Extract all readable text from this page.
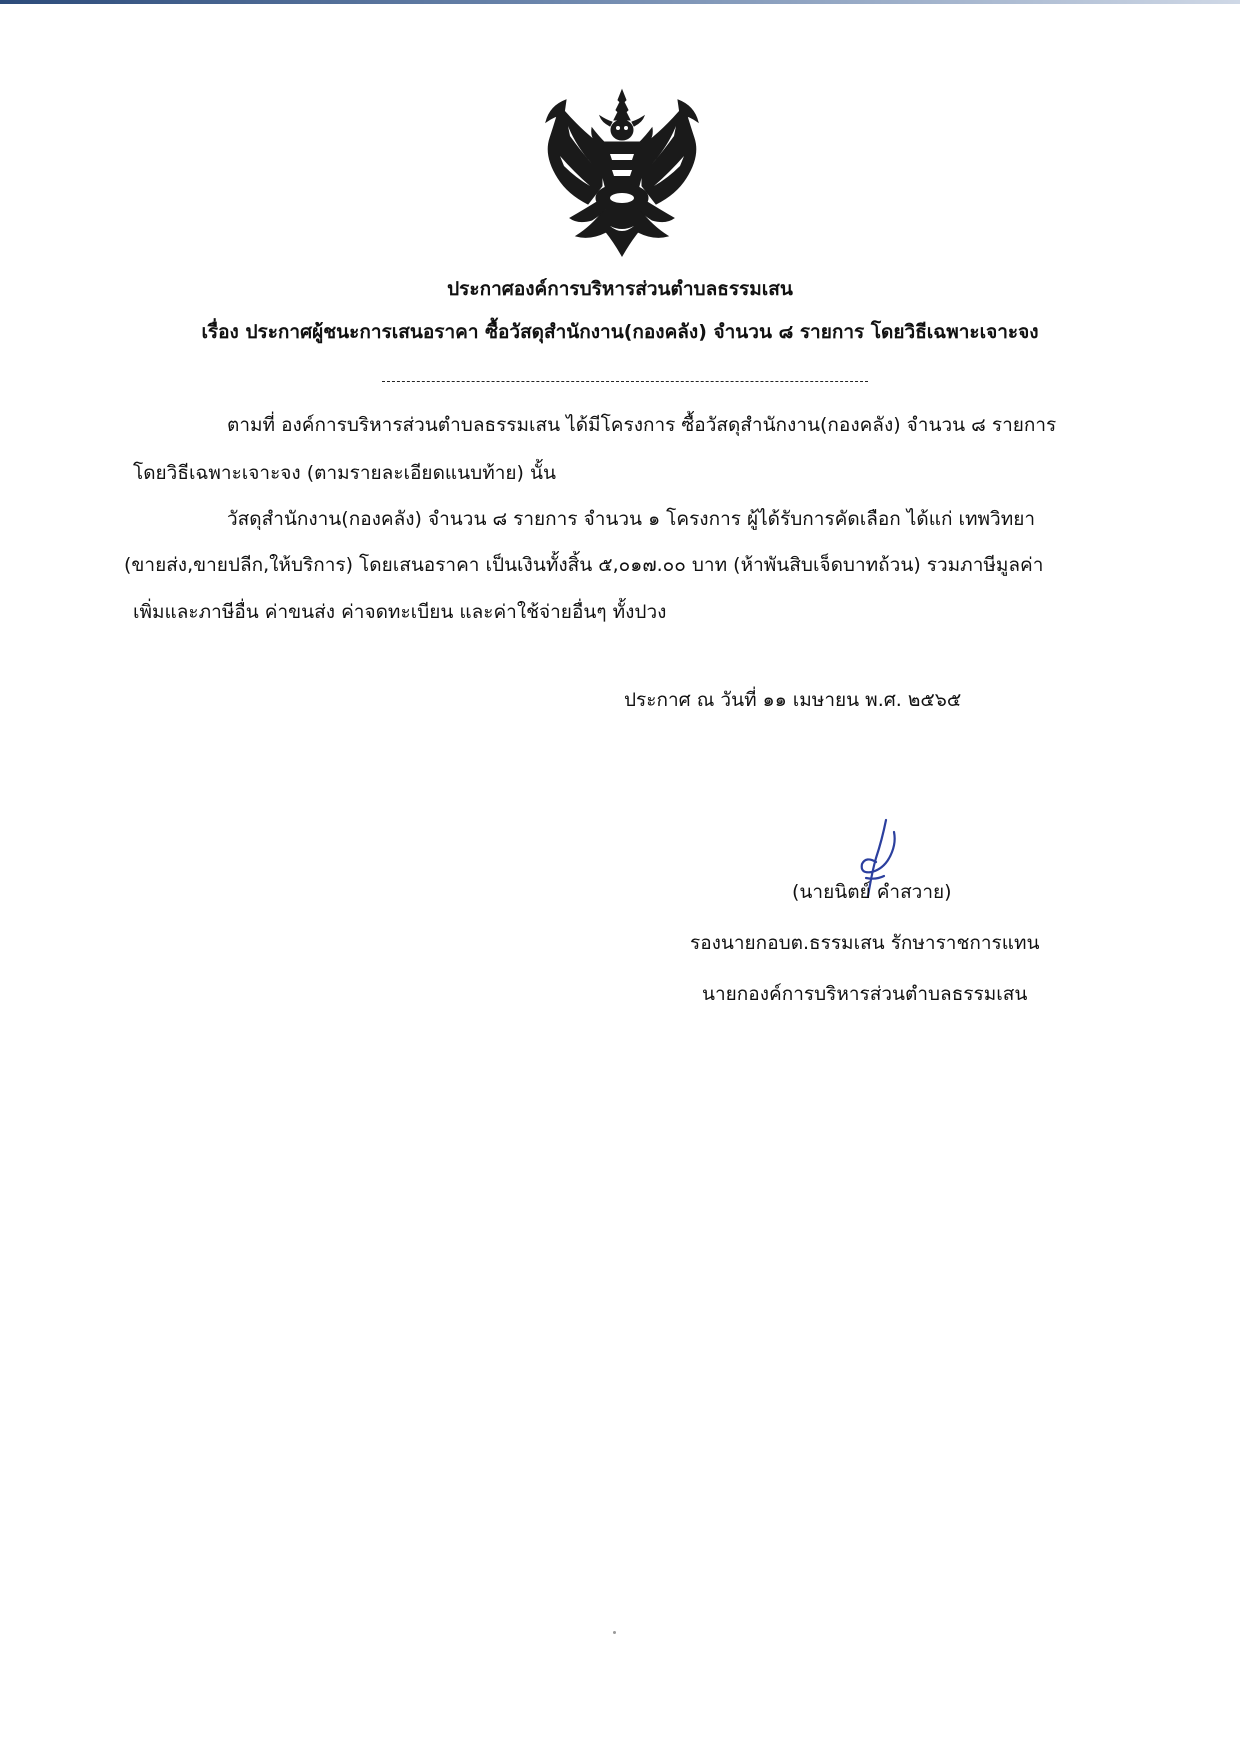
ประกาศองค์การบริหารส่วนตำบลธรรมเสน
เรื่อง ประกาศผู้ชนะการเสนอราคา ซื้อวัสดุสำนักงาน(กองคลัง) จำนวน ๘ รายการ โดยวิธีเฉพาะเจาะจง
ตามที่ องค์การบริหารส่วนตำบลธรรมเสน ได้มีโครงการ ซื้อวัสดุสำนักงาน(กองคลัง) จำนวน ๘ รายการ
โดยวิธีเฉพาะเจาะจง (ตามรายละเอียดแนบท้าย) นั้น
วัสดุสำนักงาน(กองคลัง) จำนวน ๘ รายการ จำนวน ๑ โครงการ ผู้ได้รับการคัดเลือก ได้แก่ เทพวิทยา
(ขายส่ง,ขายปลีก,ให้บริการ) โดยเสนอราคา เป็นเงินทั้งสิ้น ๕,๐๑๗.๐๐ บาท (ห้าพันสิบเจ็ดบาทถ้วน) รวมภาษีมูลค่า
เพิ่มและภาษีอื่น ค่าขนส่ง ค่าจดทะเบียน และค่าใช้จ่ายอื่นๆ ทั้งปวง
ประกาศ ณ วันที่ ๑๑ เมษายน พ.ศ. ๒๕๖๕
(นายนิตย์ คำสวาย)
รองนายกอบต.ธรรมเสน รักษาราชการแทน
นายกองค์การบริหารส่วนตำบลธรรมเสน
